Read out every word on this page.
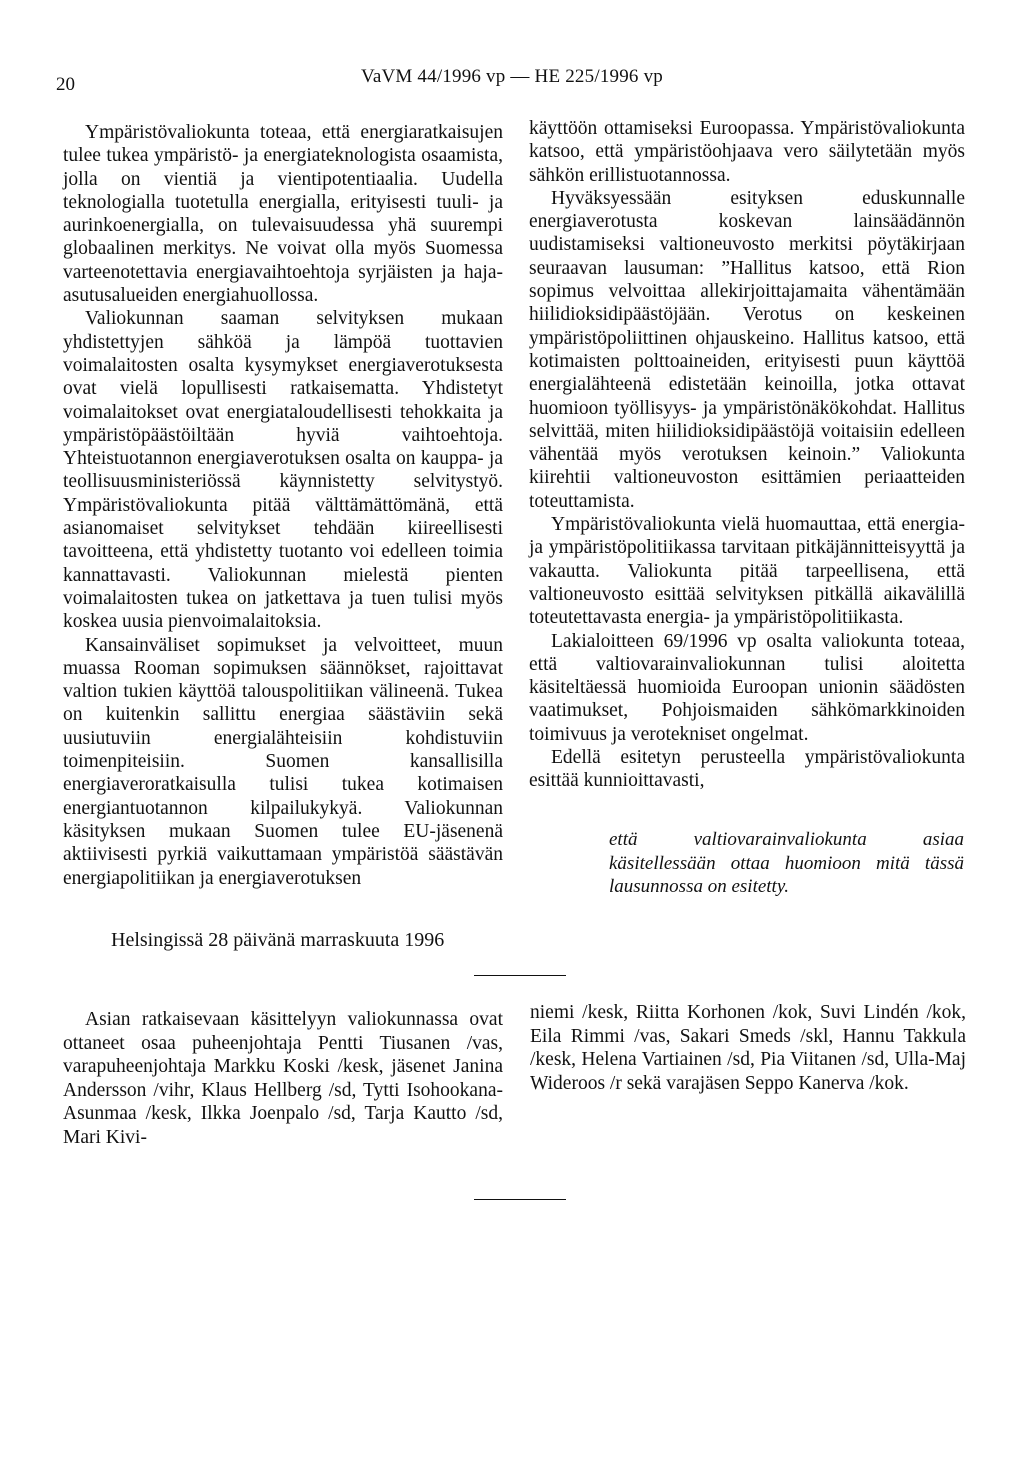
20	VaVM 44/1996 vp — HE 225/1996 vp

Ympäristövaliokunta toteaa, että energiaratkaisujen tulee tukea ympäristö- ja energiateknologista osaamista, jolla on vientiä ja vientipotentiaalia. Uudella teknologialla tuotetulla energialla, erityisesti tuuli- ja aurinkoenergialla, on tulevaisuudessa yhä suurempi globaalinen merkitys. Ne voivat olla myös Suomessa varteenotettavia energiavaihtoehtoja syrjäisten ja haja-asutusalueiden energiahuollossa.

Valiokunnan saaman selvityksen mukaan yhdistettyjen sähköä ja lämpöä tuottavien voimalaitosten osalta kysymykset energiaverotuksesta ovat vielä lopullisesti ratkaisematta. Yhdistetyt voimalaitokset ovat energiataloudellisesti tehokkaita ja ympäristöpäästöiltään hyviä vaihtoehtoja. Yhteistuotannon energiaverotuksen osalta on kauppa- ja teollisuusministeriössä käynnistetty selvitystyö. Ympäristövaliokunta pitää välttämättömänä, että asianomaiset selvitykset tehdään kiireellisesti tavoitteena, että yhdistetty tuotanto voi edelleen toimia kannattavasti. Valiokunnan mielestä pienten voimalaitosten tukea on jatkettava ja tuen tulisi myös koskea uusia pienvoimalaitoksia.

Kansainväliset sopimukset ja velvoitteet, muun muassa Rooman sopimuksen säännökset, rajoittavat valtion tukien käyttöä talouspolitiikan välineenä. Tukea on kuitenkin sallittu energiaa säästäviin sekä uusiutuviin energialähteisiin kohdistuviin toimenpiteisiin. Suomen kansallisilla energiaveroratkaisulla tulisi tukea kotimaisen energiantuotannon kilpailukykyä. Valiokunnan käsityksen mukaan Suomen tulee EU-jäsenenä aktiivisesti pyrkiä vaikuttamaan ympäristöä säästävän energiapolitiikan ja energiaverotuksen

käyttöön ottamiseksi Euroopassa. Ympäristövaliokunta katsoo, että ympäristöohjaava vero säilytetään myös sähkön erillistuotannossa.

Hyväksyessään esityksen eduskunnalle energiaverotusta koskevan lainsäädännön uudistamiseksi valtioneuvosto merkitsi pöytäkirjaan seuraavan lausuman: ”Hallitus katsoo, että Rion sopimus velvoittaa allekirjoittajamaita vähentämään hiilidioksidipäästöjään. Verotus on keskeinen ympäristöpoliittinen ohjauskeino. Hallitus katsoo, että kotimaisten polttoaineiden, erityisesti puun käyttöä energialähteenä edistetään keinoilla, jotka ottavat huomioon työllisyys- ja ympäristönäkökohdat. Hallitus selvittää, miten hiilidioksidipäästöjä voitaisiin edelleen vähentää myös verotuksen keinoin.” Valiokunta kiirehtii valtioneuvoston esittämien periaatteiden toteuttamista.

Ympäristövaliokunta vielä huomauttaa, että energia- ja ympäristöpolitiikassa tarvitaan pitkäjännitteisyyttä ja vakautta. Valiokunta pitää tarpeellisena, että valtioneuvosto esittää selvityksen pitkällä aikavälillä toteutettavasta energia- ja ympäristöpolitiikasta.

Lakialoitteen 69/1996 vp osalta valiokunta toteaa, että valtiovarainvaliokunnan tulisi aloitetta käsiteltäessä huomioida Euroopan unionin säädösten vaatimukset, Pohjoismaiden sähkömarkkinoiden toimivuus ja verotekniset ongelmat.

Edellä esitetyn perusteella ympäristövaliokunta esittää kunnioittavasti,

että valtiovarainvaliokunta asiaa käsitellessään ottaa huomioon mitä tässä lausunnossa on esitetty.
Helsingissä 28 päivänä marraskuuta 1996

Asian ratkaisevaan käsittelyyn valiokunnassa ovat ottaneet osaa puheenjohtaja Pentti Tiusanen /vas, varapuheenjohtaja Markku Koski /kesk, jäsenet Janina Andersson /vihr, Klaus Hellberg /sd, Tytti Isohookana-Asunmaa /kesk, Ilkka Joenpalo /sd, Tarja Kautto /sd, Mari Kivi-

niemi /kesk, Riitta Korhonen /kok, Suvi Lindén /kok, Eila Rimmi /vas, Sakari Smeds /skl, Hannu Takkula /kesk, Helena Vartiainen /sd, Pia Viitanen /sd, Ulla-Maj Wideroos /r sekä varajäsen Seppo Kanerva /kok.
